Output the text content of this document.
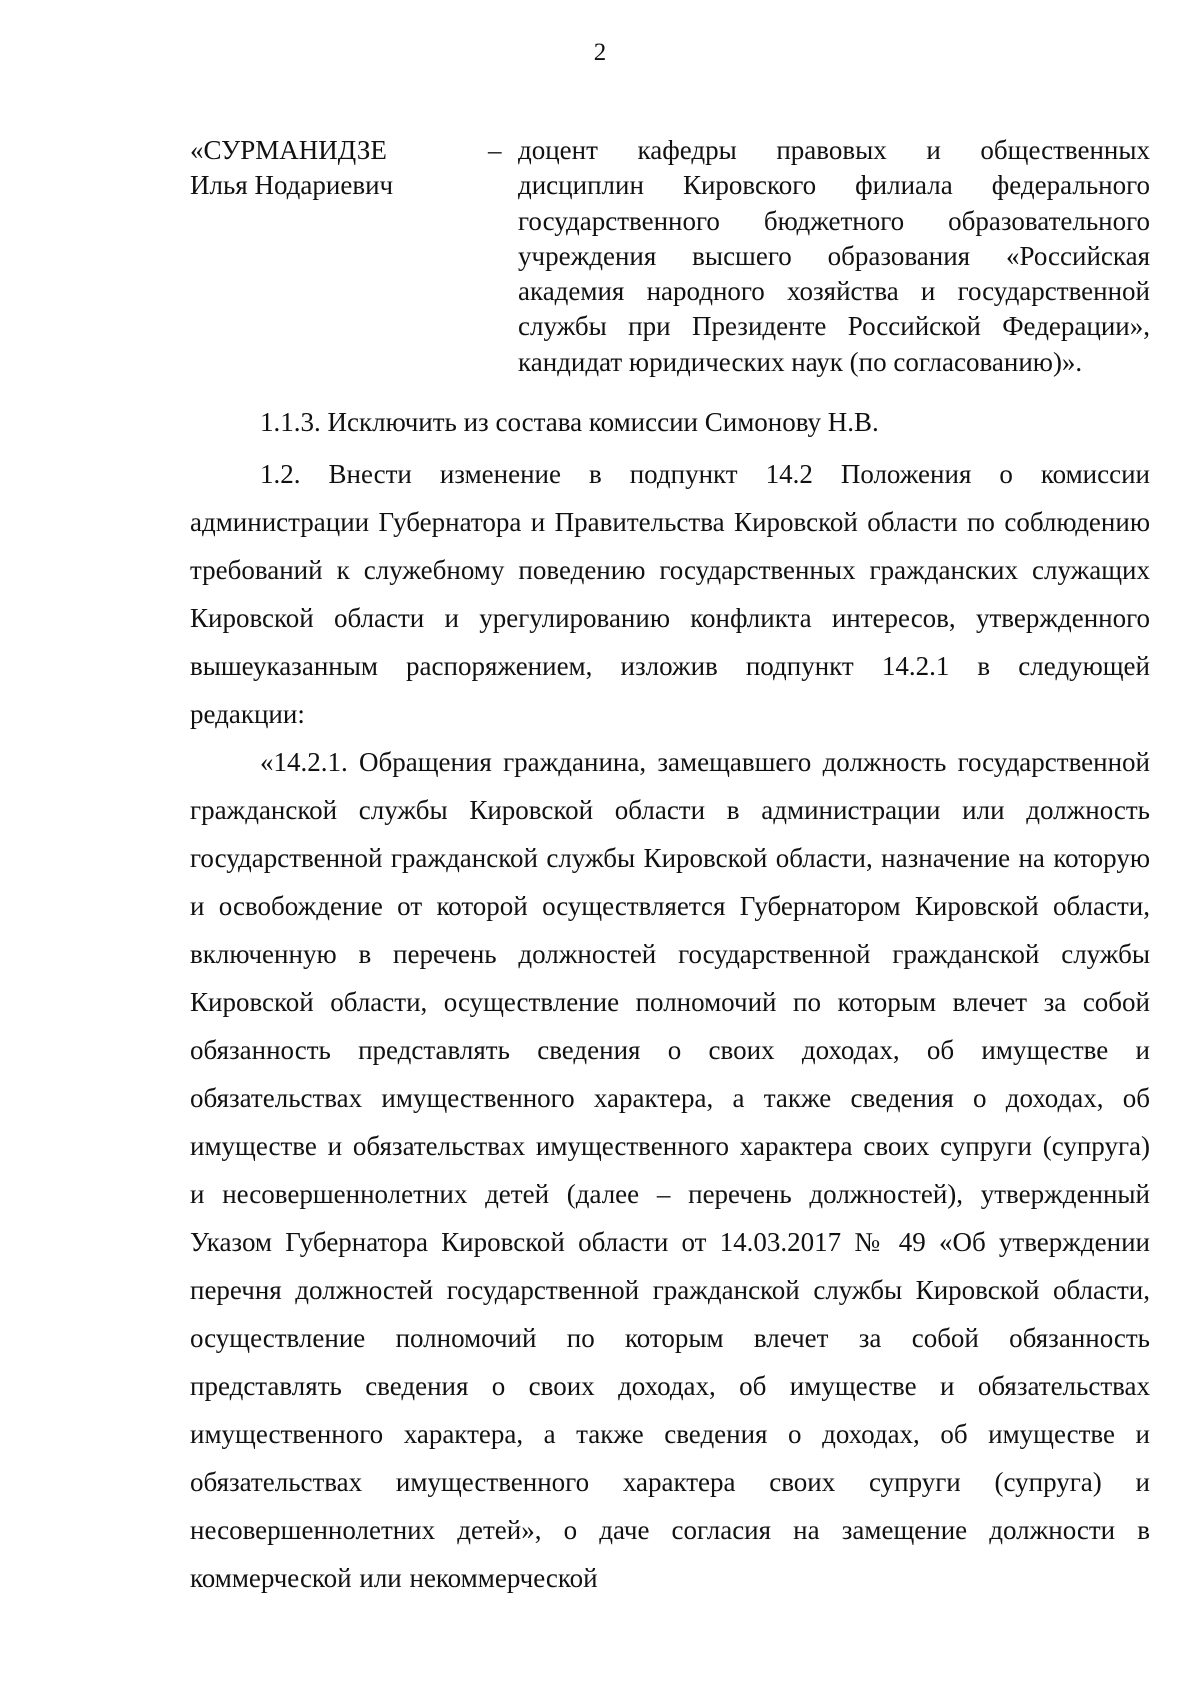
2
«СУРМАНИДЗЕ
Илья Нодариевич
– доцент кафедры правовых и общественных дисциплин Кировского филиала федерального государственного бюджетного образовательного учреждения высшего образования «Российская академия народного хозяйства и государственной службы при Президенте Российской Федерации», кандидат юридических наук (по согласованию)».

1.1.3. Исключить из состава комиссии Симонову Н.В.

1.2. Внести изменение в подпункт 14.2 Положения о комиссии администрации Губернатора и Правительства Кировской области по соблюдению требований к служебному поведению государственных гражданских служащих Кировской области и урегулированию конфликта интересов, утвержденного вышеуказанным распоряжением, изложив подпункт 14.2.1 в следующей редакции:

«14.2.1. Обращения гражданина, замещавшего должность государственной гражданской службы Кировской области в администрации или должность государственной гражданской службы Кировской области, назначение на которую и освобождение от которой осуществляется Губернатором Кировской области, включенную в перечень должностей государственной гражданской службы Кировской области, осуществление полномочий по которым влечет за собой обязанность представлять сведения о своих доходах, об имуществе и обязательствах имущественного характера, а также сведения о доходах, об имуществе и обязательствах имущественного характера своих супруги (супруга) и несовершеннолетних детей (далее – перечень должностей), утвержденный Указом Губернатора Кировской области от 14.03.2017 № 49 «Об утверждении перечня должностей государственной гражданской службы Кировской области, осуществление полномочий по которым влечет за собой обязанность представлять сведения о своих доходах, об имуществе и обязательствах имущественного характера, а также сведения о доходах, об имуществе и обязательствах имущественного характера своих супруги (супруга) и несовершеннолетних детей», о даче согласия на замещение должности в коммерческой или некоммерческой
